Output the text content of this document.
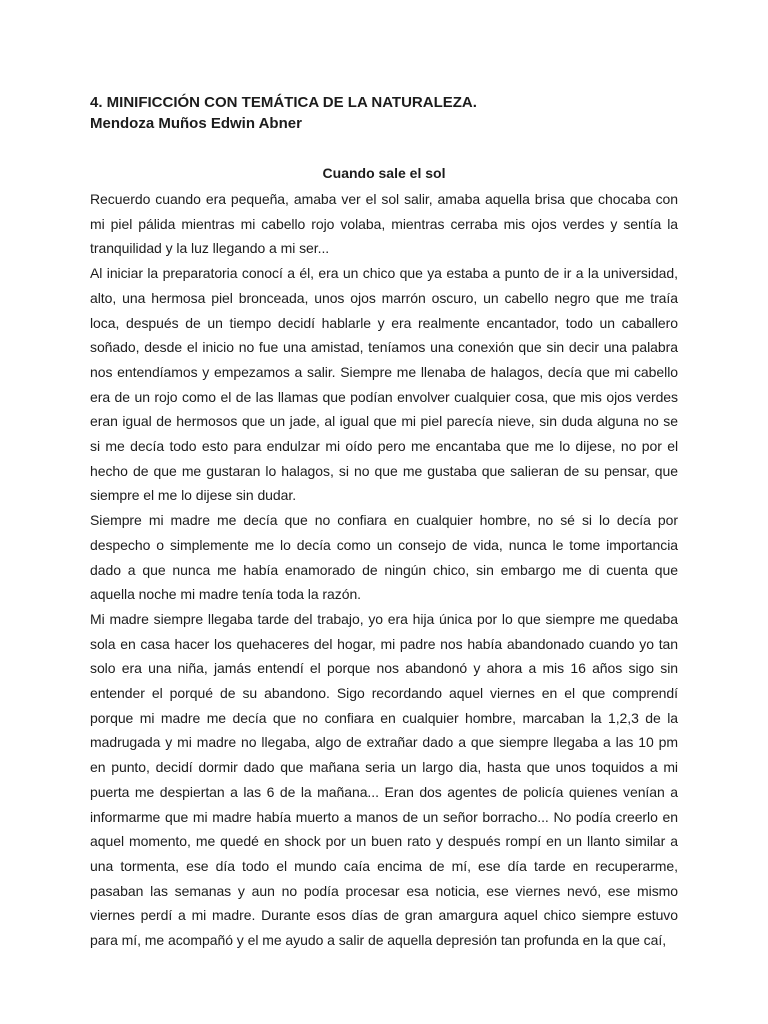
4. MINIFICCIÓN CON TEMÁTICA DE LA NATURALEZA.

Mendoza Muños Edwin Abner

Cuando sale el sol

Recuerdo cuando era pequeña, amaba ver el sol salir, amaba aquella brisa que chocaba con mi piel pálida mientras mi cabello rojo volaba, mientras cerraba mis ojos verdes y sentía la tranquilidad y la luz llegando a mi ser...

Al iniciar la preparatoria conocí a él, era un chico que ya estaba a punto de ir a la universidad, alto, una hermosa piel bronceada, unos ojos marrón oscuro, un cabello negro que me traía loca, después de un tiempo decidí hablarle y era realmente encantador, todo un caballero soñado, desde el inicio no fue una amistad, teníamos una conexión que sin decir una palabra nos entendíamos y empezamos a salir. Siempre me llenaba de halagos, decía que mi cabello era de un rojo como el de las llamas que podían envolver cualquier cosa, que mis ojos verdes eran igual de hermosos que un jade, al igual que mi piel parecía nieve, sin duda alguna no se si me decía todo esto para endulzar mi oído pero me encantaba que me lo dijese, no por el hecho de que me gustaran lo halagos, si no que me gustaba que salieran de su pensar, que siempre el me lo dijese sin dudar.

Siempre mi madre me decía que no confiara en cualquier hombre, no sé si lo decía por despecho o simplemente me lo decía como un consejo de vida, nunca le tome importancia dado a que nunca me había enamorado de ningún chico, sin embargo me di cuenta que aquella noche mi madre tenía toda la razón.

Mi madre siempre llegaba tarde del trabajo, yo era hija única por lo que siempre me quedaba sola en casa hacer los quehaceres del hogar, mi padre nos había abandonado cuando yo tan solo era una niña, jamás entendí el porque nos abandonó y ahora a mis 16 años sigo sin entender el porqué de su abandono. Sigo recordando aquel viernes en el que comprendí porque mi madre me decía que no confiara en cualquier hombre, marcaban la 1,2,3 de la madrugada y mi madre no llegaba, algo de extrañar dado a que siempre llegaba a las 10 pm en punto, decidí dormir dado que mañana seria un largo dia, hasta que unos toquidos a mi puerta me despiertan a las 6 de la mañana... Eran dos agentes de policía quienes venían a informarme que mi madre había muerto a manos de un señor borracho... No podía creerlo en aquel momento, me quedé en shock por un buen rato y después rompí en un llanto similar a una tormenta, ese día todo el mundo caía encima de mí, ese día tarde en recuperarme, pasaban las semanas y aun no podía procesar esa noticia, ese viernes nevó, ese mismo viernes perdí a mi madre. Durante esos días de gran amargura aquel chico siempre estuvo para mí, me acompañó y el me ayudo a salir de aquella depresión tan profunda en la que caí,
